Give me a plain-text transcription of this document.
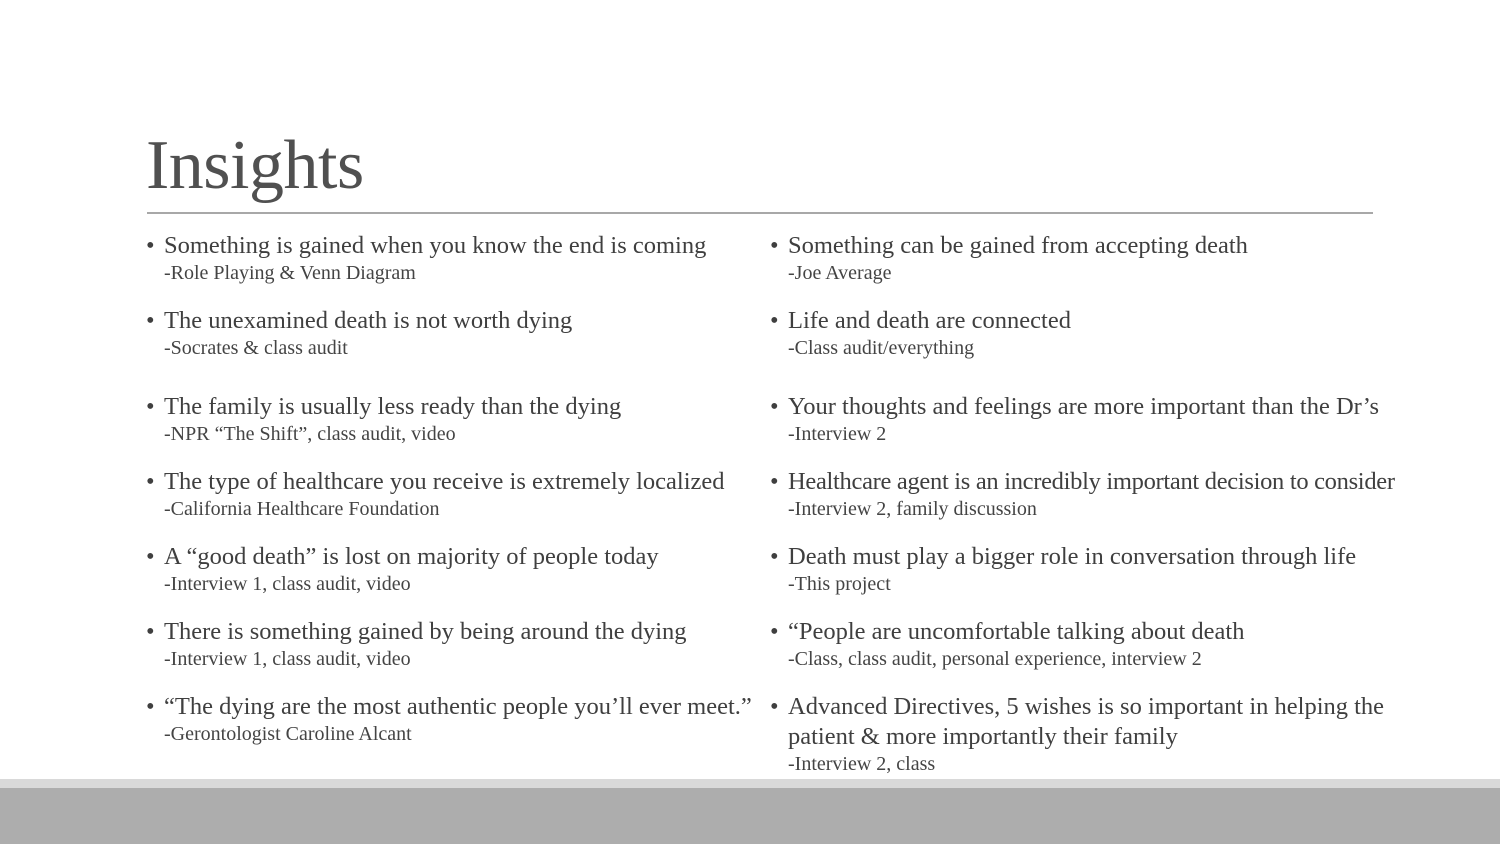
Insights
• Something is gained when you know the end is coming
-Role Playing & Venn Diagram
• The unexamined death is not worth dying
-Socrates & class audit
• The family is usually less ready than the dying
-NPR “The Shift”, class audit, video
• The type of healthcare you receive is extremely localized
-California Healthcare Foundation
• A “good death” is lost on majority of people today
-Interview 1, class audit, video
• There is something gained by being around the dying
-Interview 1, class audit, video
• “The dying are the most authentic people you’ll ever meet.”
-Gerontologist Caroline Alcant
• Something can be gained from accepting death
-Joe Average
• Life and death are connected
-Class audit/everything
• Your thoughts and feelings are more important than the Dr’s
-Interview 2
• Healthcare agent is an incredibly important decision to consider
-Interview 2, family discussion
• Death must play a bigger role in conversation through life
-This project
• “People are uncomfortable talking about death
-Class, class audit, personal experience, interview 2
• Advanced Directives, 5 wishes is so important in helping the patient & more importantly their family
-Interview 2, class
